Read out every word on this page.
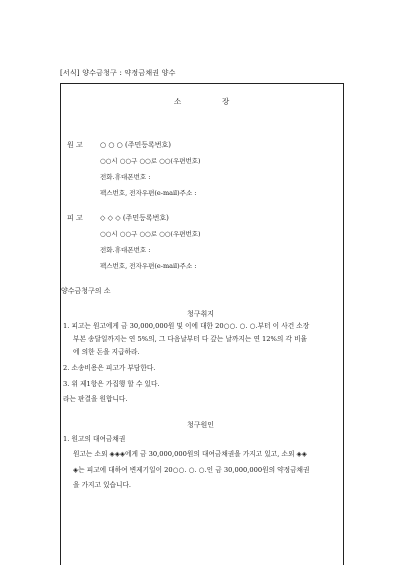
[서식] 양수금청구 : 약정금채권 양수
소	장
원 고 ○ ○ ○ (주민등록번호)
○○시 ○○구 ○○로 ○○(우편번호)
전화․휴대폰번호 :
팩스번호, 전자우편(e-mail)주소 :
피 고 ◇ ◇ ◇ (주민등록번호)
○○시 ○○구 ○○로 ○○(우편번호)
전화․휴대폰번호 :
팩스번호, 전자우편(e-mail)주소 :
양수금청구의 소
청구취지
1. 피고는 원고에게 금 30,000,000원 및 이에 대한 20○○. ○. ○.부터 이 사건 소장
부본 송달일까지는 연 5%의, 그 다음날부터 다 갚는 날까지는 연 12%의 각 비율
에 의한 돈을 지급하라.
2. 소송비용은 피고가 부담한다.
3. 위 제1항은 가집행 할 수 있다.
라는 판결을 원합니다.
청구원인
1. 원고의 대여금채권
원고는 소외 ◈◈◈에게 금 30,000,000원의 대여금채권을 가지고 있고, 소외 ◈◈
◈는 피고에 대하여 변제기일이 20○○. ○. ○.인 금 30,000,000원의 약정금채권
을 가지고 있습니다.
